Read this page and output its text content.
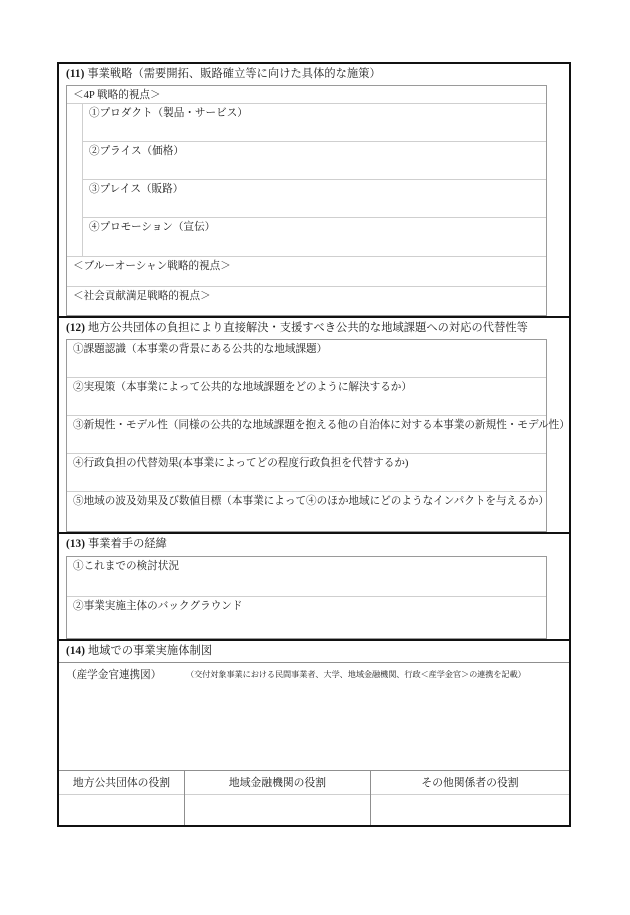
(11) 事業戦略（需要開拓、販路確立等に向けた具体的な施策）
＜4P 戦略的視点＞
①プロダクト（製品・サービス）
②プライス（価格）
③プレイス（販路）
④プロモーション（宣伝）
＜ブルーオーシャン戦略的視点＞
＜社会貢献満足戦略的視点＞
(12) 地方公共団体の負担により直接解決・支援すべき公共的な地域課題への対応の代替性等
①課題認識（本事業の背景にある公共的な地域課題）
②実現策（本事業によって公共的な地域課題をどのように解決するか）
③新規性・モデル性（同様の公共的な地域課題を抱える他の自治体に対する本事業の新規性・モデル性）
④行政負担の代替効果(本事業によってどの程度行政負担を代替するか)
⑤地域の波及効果及び数値目標（本事業によって④のほか地域にどのようなインパクトを与えるか）
(13) 事業着手の経緯
①これまでの検討状況
②事業実施主体のバックグラウンド
(14) 地域での事業実施体制図
（産学金官連携図）	（交付対象事業における民間事業者、大学、地域金融機関、行政＜産学金官＞の連携を記載）
地方公共団体の役割	地域金融機関の役割	その他関係者の役割
